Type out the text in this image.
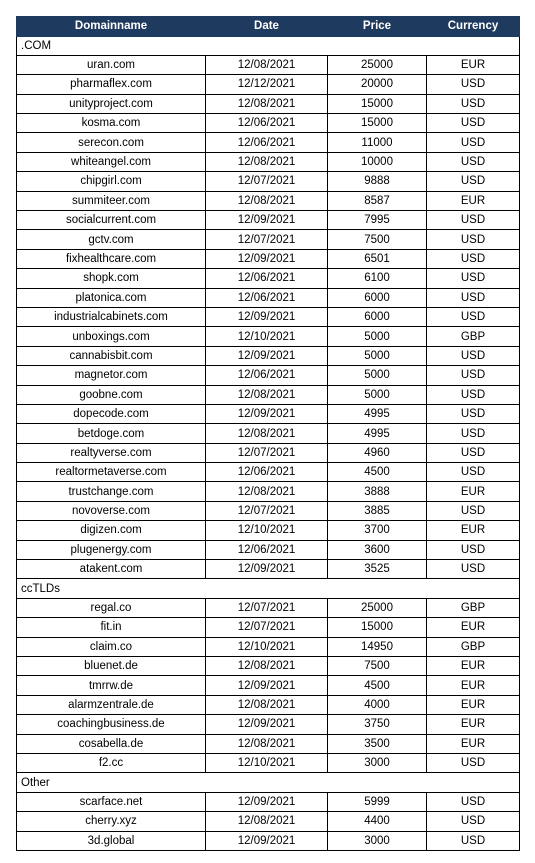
Domainname	Date	Price	Currency
.COM			
uran.com	12/08/2021	25000	EUR
pharmaflex.com	12/12/2021	20000	USD
unityproject.com	12/08/2021	15000	USD
kosma.com	12/06/2021	15000	USD
serecon.com	12/06/2021	11000	USD
whiteangel.com	12/08/2021	10000	USD
chipgirl.com	12/07/2021	9888	USD
summiteer.com	12/08/2021	8587	EUR
socialcurrent.com	12/09/2021	7995	USD
gctv.com	12/07/2021	7500	USD
fixhealthcare.com	12/09/2021	6501	USD
shopk.com	12/06/2021	6100	USD
platonica.com	12/06/2021	6000	USD
industrialcabinets.com	12/09/2021	6000	USD
unboxings.com	12/10/2021	5000	GBP
cannabisbit.com	12/09/2021	5000	USD
magnetor.com	12/06/2021	5000	USD
goobne.com	12/08/2021	5000	USD
dopecode.com	12/09/2021	4995	USD
betdoge.com	12/08/2021	4995	USD
realtyverse.com	12/07/2021	4960	USD
realtormetaverse.com	12/06/2021	4500	USD
trustchange.com	12/08/2021	3888	EUR
novoverse.com	12/07/2021	3885	USD
digizen.com	12/10/2021	3700	EUR
plugenergy.com	12/06/2021	3600	USD
atakent.com	12/09/2021	3525	USD
ccTLDs			
regal.co	12/07/2021	25000	GBP
fit.in	12/07/2021	15000	EUR
claim.co	12/10/2021	14950	GBP
bluenet.de	12/08/2021	7500	EUR
tmrrw.de	12/09/2021	4500	EUR
alarmzentrale.de	12/08/2021	4000	EUR
coachingbusiness.de	12/09/2021	3750	EUR
cosabella.de	12/08/2021	3500	EUR
f2.cc	12/10/2021	3000	USD
Other			
scarface.net	12/09/2021	5999	USD
cherry.xyz	12/08/2021	4400	USD
3d.global	12/09/2021	3000	USD
